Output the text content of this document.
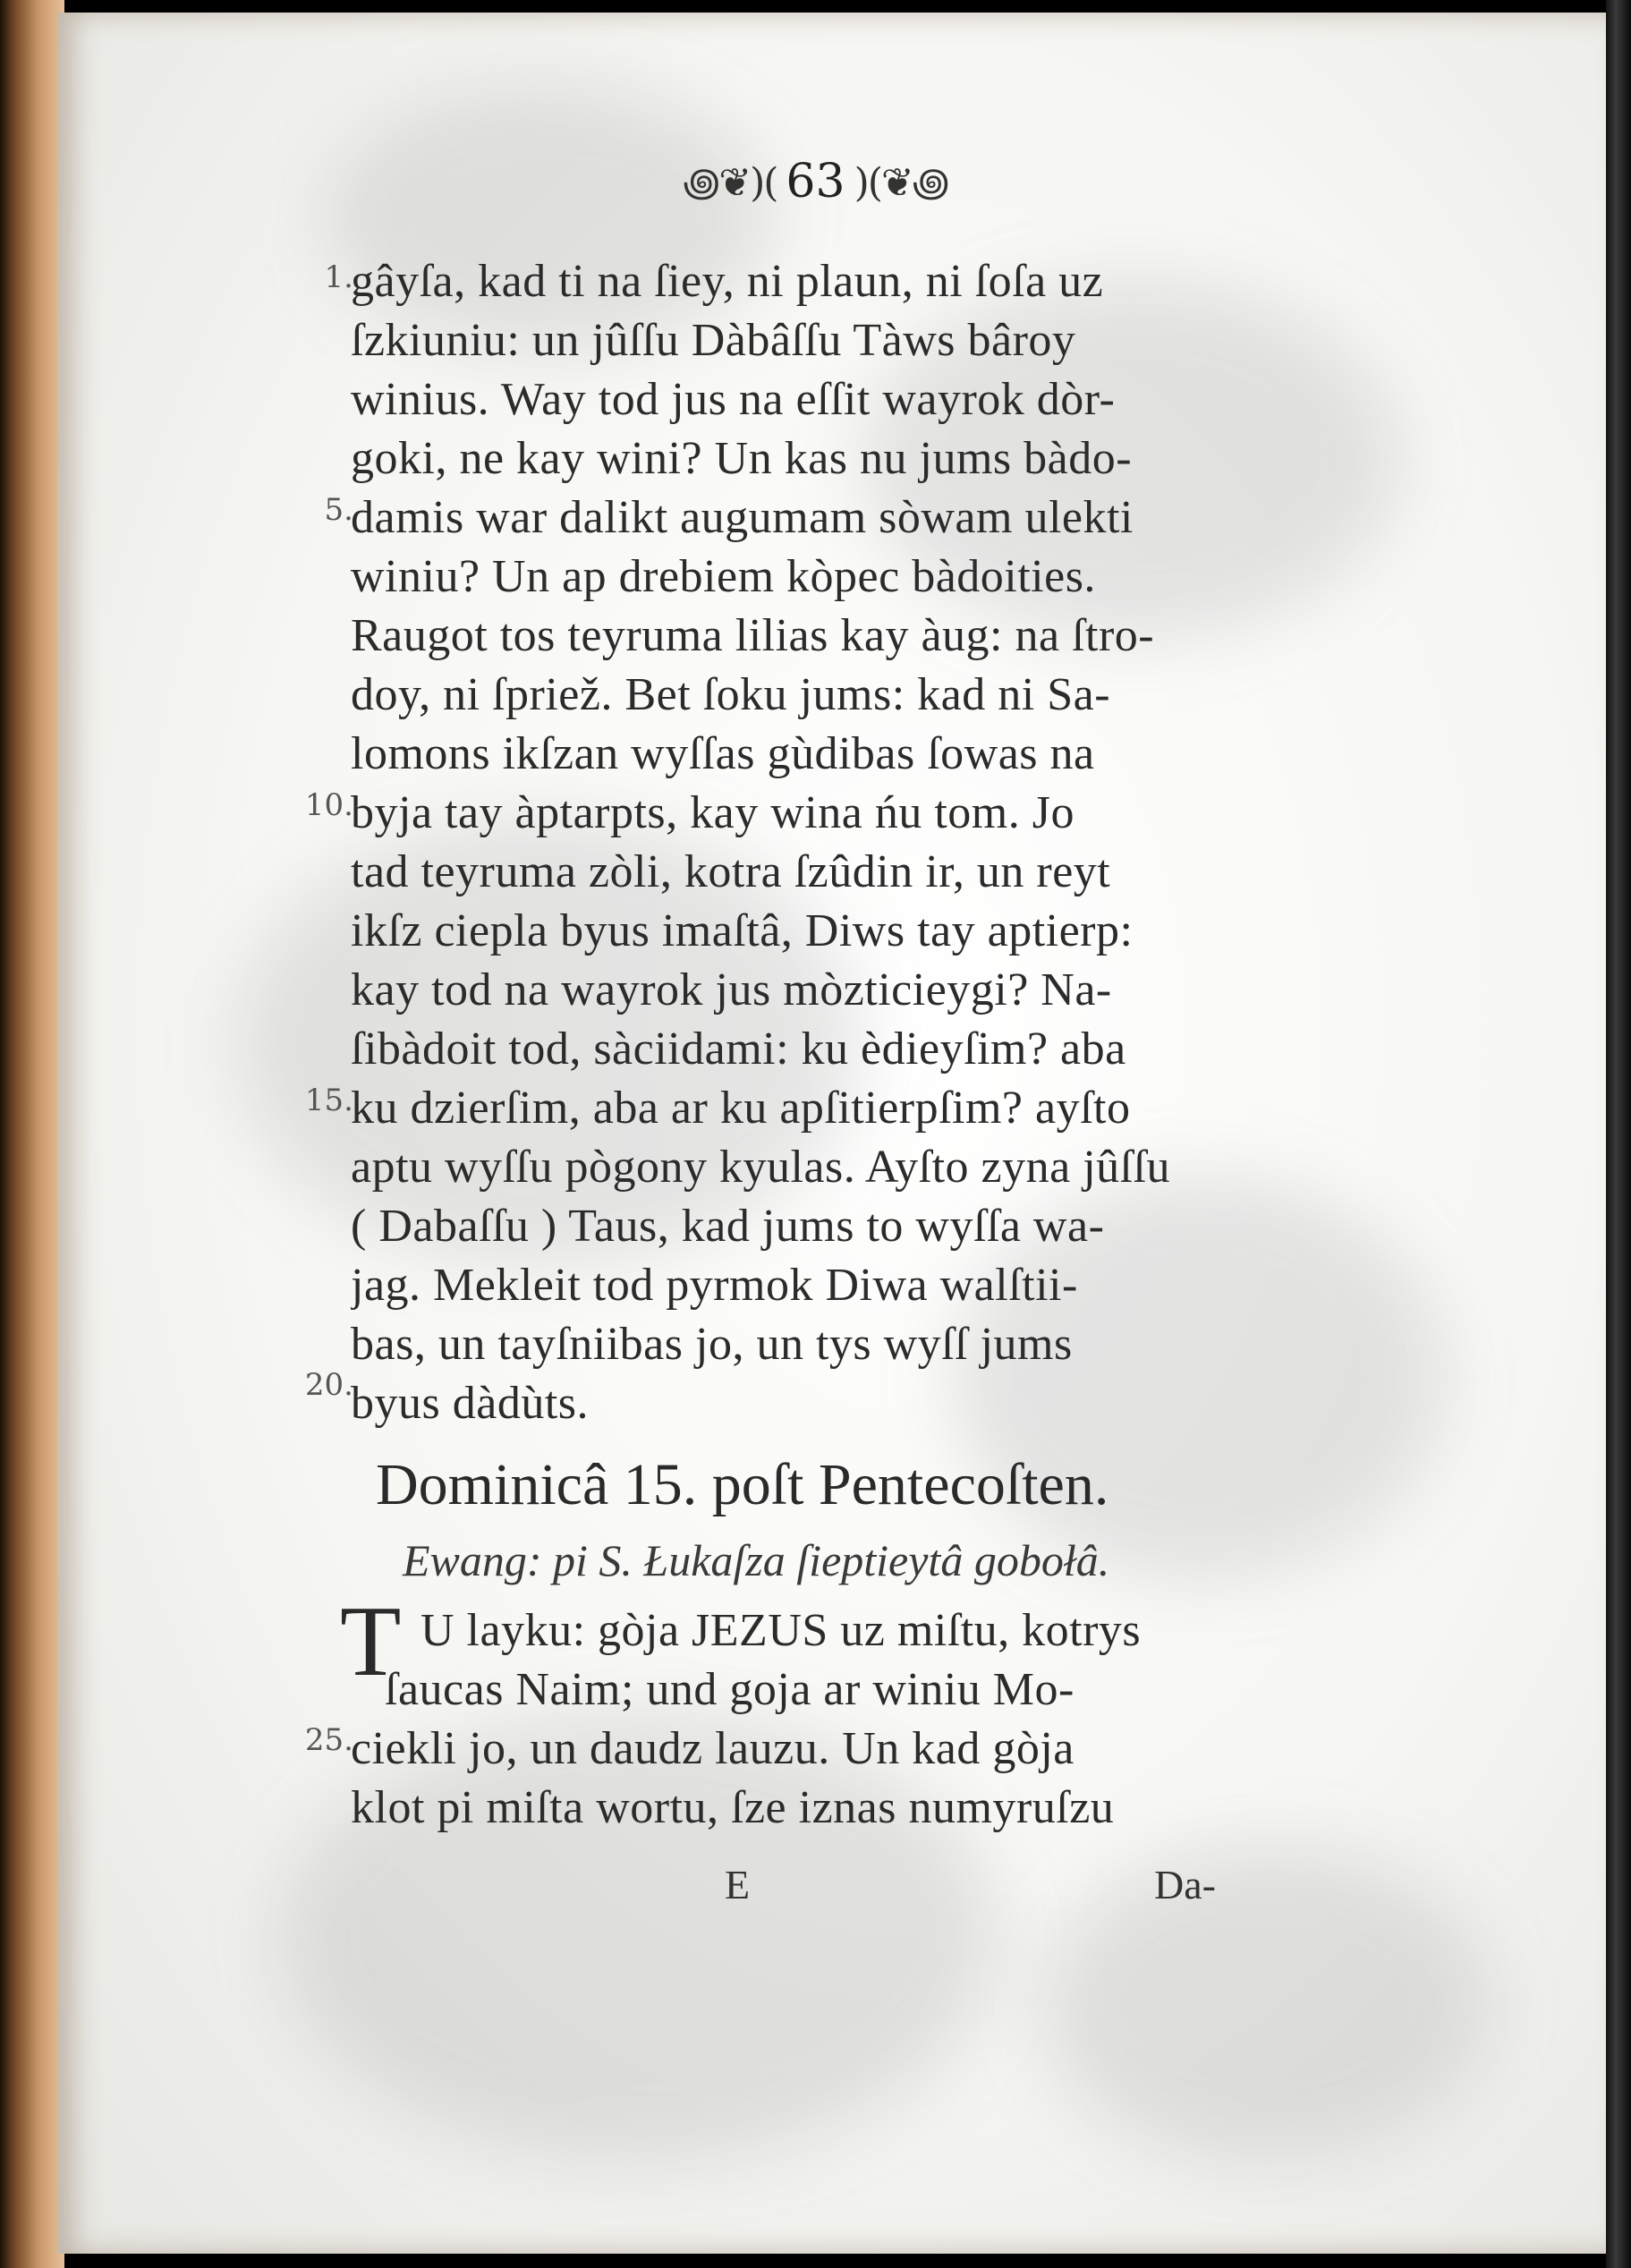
꩜❦)( 63 )(❦꩜
1.
5.
10.
15.
20.
25.
gâyſa, kad ti na ſiey, ni plaun, ni ſoſa uz
ſzkiuniu: un jûſſu Dàbâſſu Tàws bâroy
winius. Way tod jus na eſſit wayrok dòr-
goki, ne kay wini? Un kas nu jums bàdo-
damis war dalikt augumam sòwam ulekti
winiu? Un ap drebiem kòpec bàdoities.
Raugot tos teyruma lilias kay àug: na ſtro-
doy, ni ſpriež. Bet ſoku jums: kad ni Sa-
lomons ikſzan wyſſas gùdibas ſowas na
byja tay àptarpts, kay wina ńu tom. Jo
tad teyruma zòli, kotra ſzûdin ir, un reyt
ikſz ciepla byus imaſtâ, Diws tay aptierp:
kay tod na wayrok jus mòzticieygi? Na-
ſibàdoit tod, sàciidami: ku èdieyſim? aba
ku dzierſim, aba ar ku apſitierpſim? ayſto
aptu wyſſu pògony kyulas. Ayſto zyna jûſſu
( Dabaſſu ) Taus, kad jums to wyſſa wa-
jag. Mekleit tod pyrmok Diwa walſtii-
bas, un tayſniibas jo, un tys wyſſ jums
byus dàdùts.
Dominicâ 15. poſt Pentecoſten.
Ewang: pi S. Łukaſza ſieptieytâ gobołâ.
T U layku: gòja JEZUS uz miſtu, kotrys
ſaucas Naim; und goja ar winiu Mo-
ciekli jo, un daudz lauzu. Un kad gòja
klot pi miſta wortu, ſze iznas numyruſzu
E	Da-
